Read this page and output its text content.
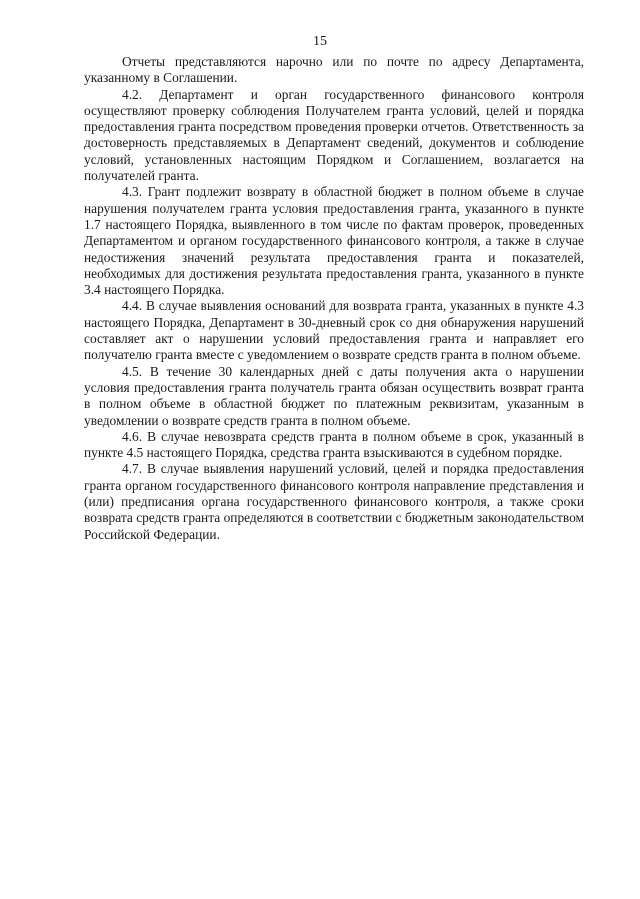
15

Отчеты представляются нарочно или по почте по адресу Департамента, указанному в Соглашении.

4.2. Департамент и орган государственного финансового контроля осуществляют проверку соблюдения Получателем гранта условий, целей и порядка предоставления гранта посредством проведения проверки отчетов. Ответственность за достоверность представляемых в Департамент сведений, документов и соблюдение условий, установленных настоящим Порядком и Соглашением, возлагается на получателей гранта.

4.3. Грант подлежит возврату в областной бюджет в полном объеме в случае нарушения получателем гранта условия предоставления гранта, указанного в пункте 1.7 настоящего Порядка, выявленного в том числе по фактам проверок, проведенных Департаментом и органом государственного финансового контроля, а также в случае недостижения значений результата предоставления гранта и показателей, необходимых для достижения результата предоставления гранта, указанного в пункте 3.4 настоящего Порядка.

4.4. В случае выявления оснований для возврата гранта, указанных в пункте 4.3 настоящего Порядка, Департамент в 30-дневный срок со дня обнаружения нарушений составляет акт о нарушении условий предоставления гранта и направляет его получателю гранта вместе с уведомлением о возврате средств гранта в полном объеме.

4.5. В течение 30 календарных дней с даты получения акта о нарушении условия предоставления гранта получатель гранта обязан осуществить возврат гранта в полном объеме в областной бюджет по платежным реквизитам, указанным в уведомлении о возврате средств гранта в полном объеме.

4.6. В случае невозврата средств гранта в полном объеме в срок, указанный в пункте 4.5 настоящего Порядка, средства гранта взыскиваются в судебном порядке.

4.7. В случае выявления нарушений условий, целей и порядка предоставления гранта органом государственного финансового контроля направление представления и (или) предписания органа государственного финансового контроля, а также сроки возврата средств гранта определяются в соответствии с бюджетным законодательством Российской Федерации.
